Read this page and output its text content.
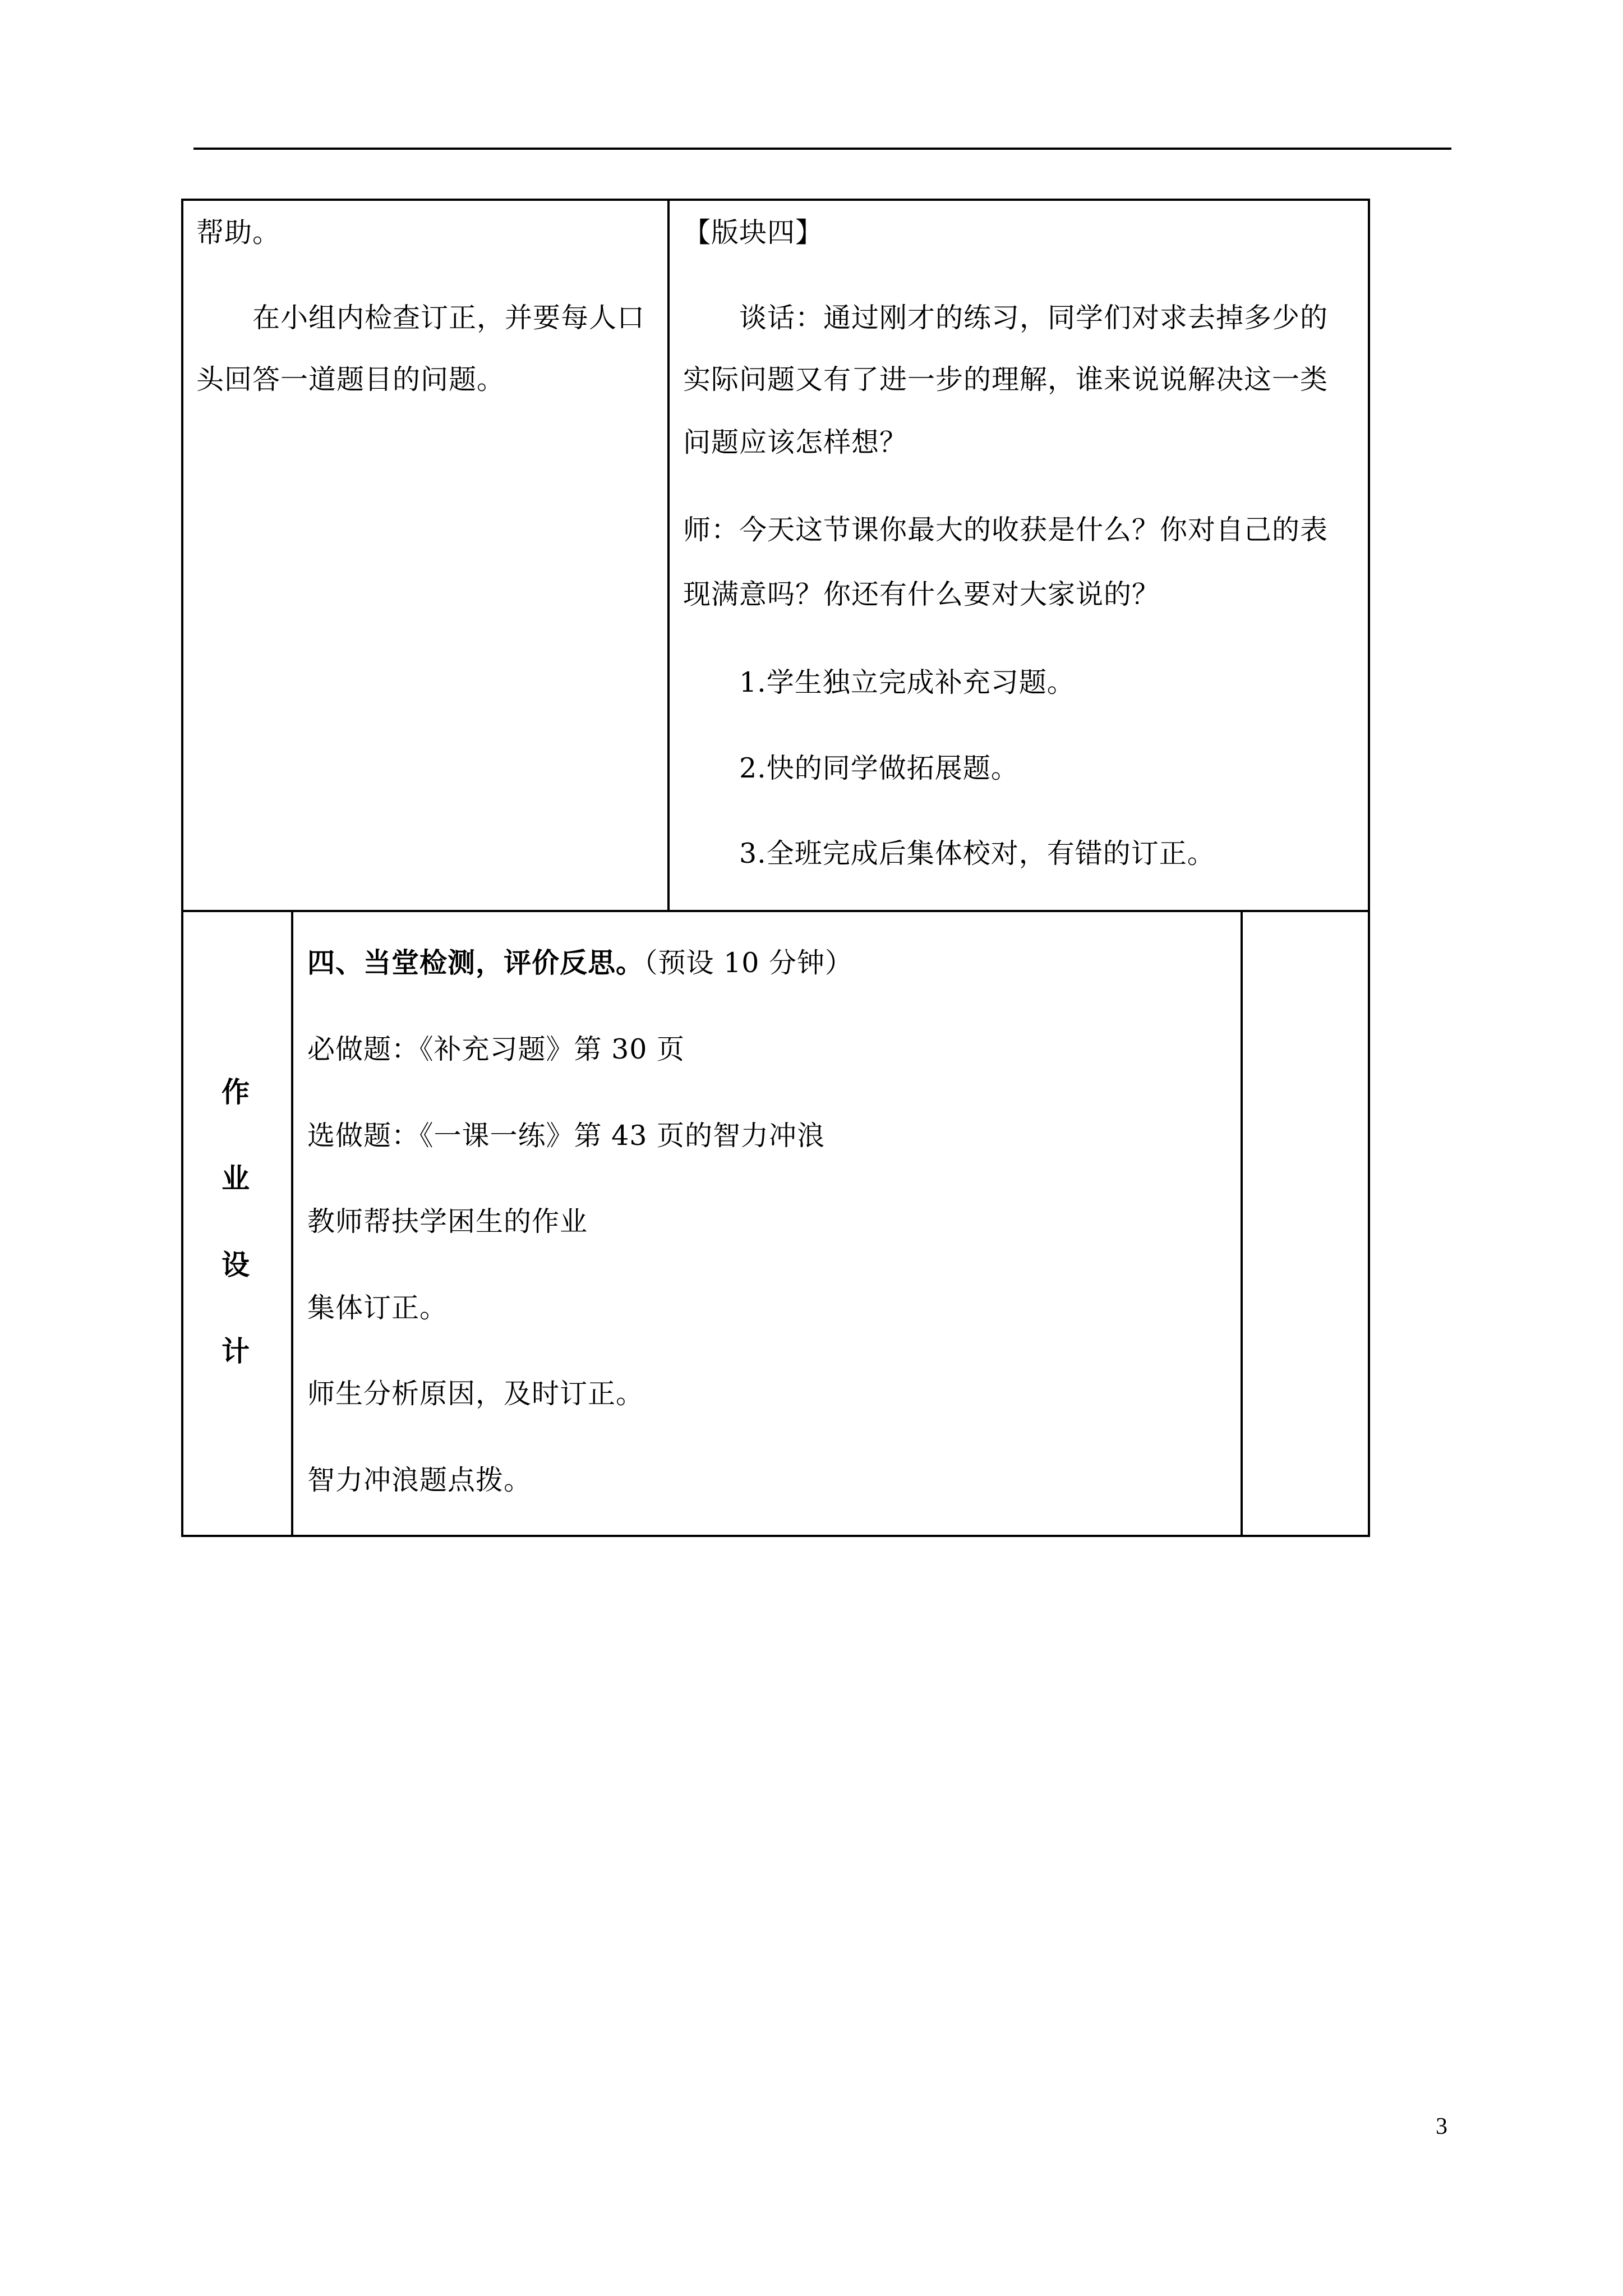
帮助。
在小组内检查订正，并要每人口
头回答一道题目的问题。
【版块四】
谈话：通过刚才的练习，同学们对求去掉多少的
实际问题又有了进一步的理解，谁来说说解决这一类
问题应该怎样想？
师：今天这节课你最大的收获是什么？你对自己的表
现满意吗？你还有什么要对大家说的？
1.学生独立完成补充习题。
2.快的同学做拓展题。
3.全班完成后集体校对，有错的订正。
作
业
设
计
四、当堂检测，评价反思。（预设 10 分钟）
必做题：《补充习题》第 30 页
选做题：《一课一练》第 43 页的智力冲浪
教师帮扶学困生的作业
集体订正。
师生分析原因，及时订正。
智力冲浪题点拨。
3
